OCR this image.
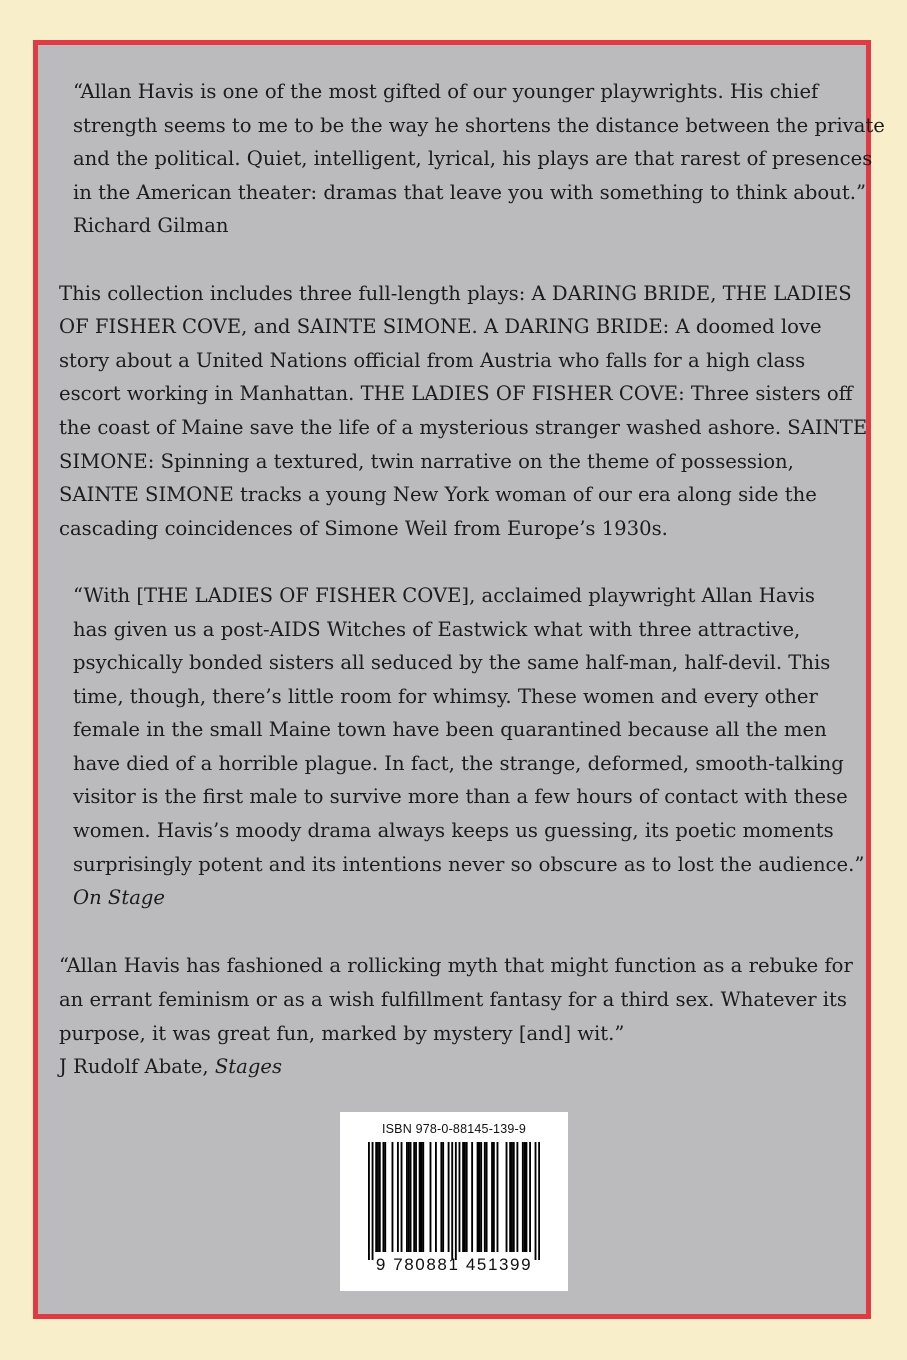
“Allan Havis is one of the most gifted of our younger playwrights. His chief
strength seems to me to be the way he shortens the distance between the private
and the political. Quiet, intelligent, lyrical, his plays are that rarest of presences
in the American theater: dramas that leave you with something to think about.”
Richard Gilman

This collection includes three full-length plays: A DARING BRIDE, THE LADIES
OF FISHER COVE, and SAINTE SIMONE. A DARING BRIDE: A doomed love
story about a United Nations official from Austria who falls for a high class
escort working in Manhattan. THE LADIES OF FISHER COVE: Three sisters off
the coast of Maine save the life of a mysterious stranger washed ashore. SAINTE
SIMONE: Spinning a textured, twin narrative on the theme of possession,
SAINTE SIMONE tracks a young New York woman of our era along side the
cascading coincidences of Simone Weil from Europe’s 1930s.

“With [THE LADIES OF FISHER COVE], acclaimed playwright Allan Havis
has given us a post-AIDS Witches of Eastwick what with three attractive,
psychically bonded sisters all seduced by the same half-man, half-devil. This
time, though, there’s little room for whimsy. These women and every other
female in the small Maine town have been quarantined because all the men
have died of a horrible plague. In fact, the strange, deformed, smooth-talking
visitor is the first male to survive more than a few hours of contact with these
women. Havis’s moody drama always keeps us guessing, its poetic moments
surprisingly potent and its intentions never so obscure as to lost the audience.”
On Stage

“Allan Havis has fashioned a rollicking myth that might function as a rebuke for
an errant feminism or as a wish fulfillment fantasy for a third sex. Whatever its
purpose, it was great fun, marked by mystery [and] wit.”
J Rudolf Abate, Stages

ISBN 978-0-88145-139-9
9 780881 451399
